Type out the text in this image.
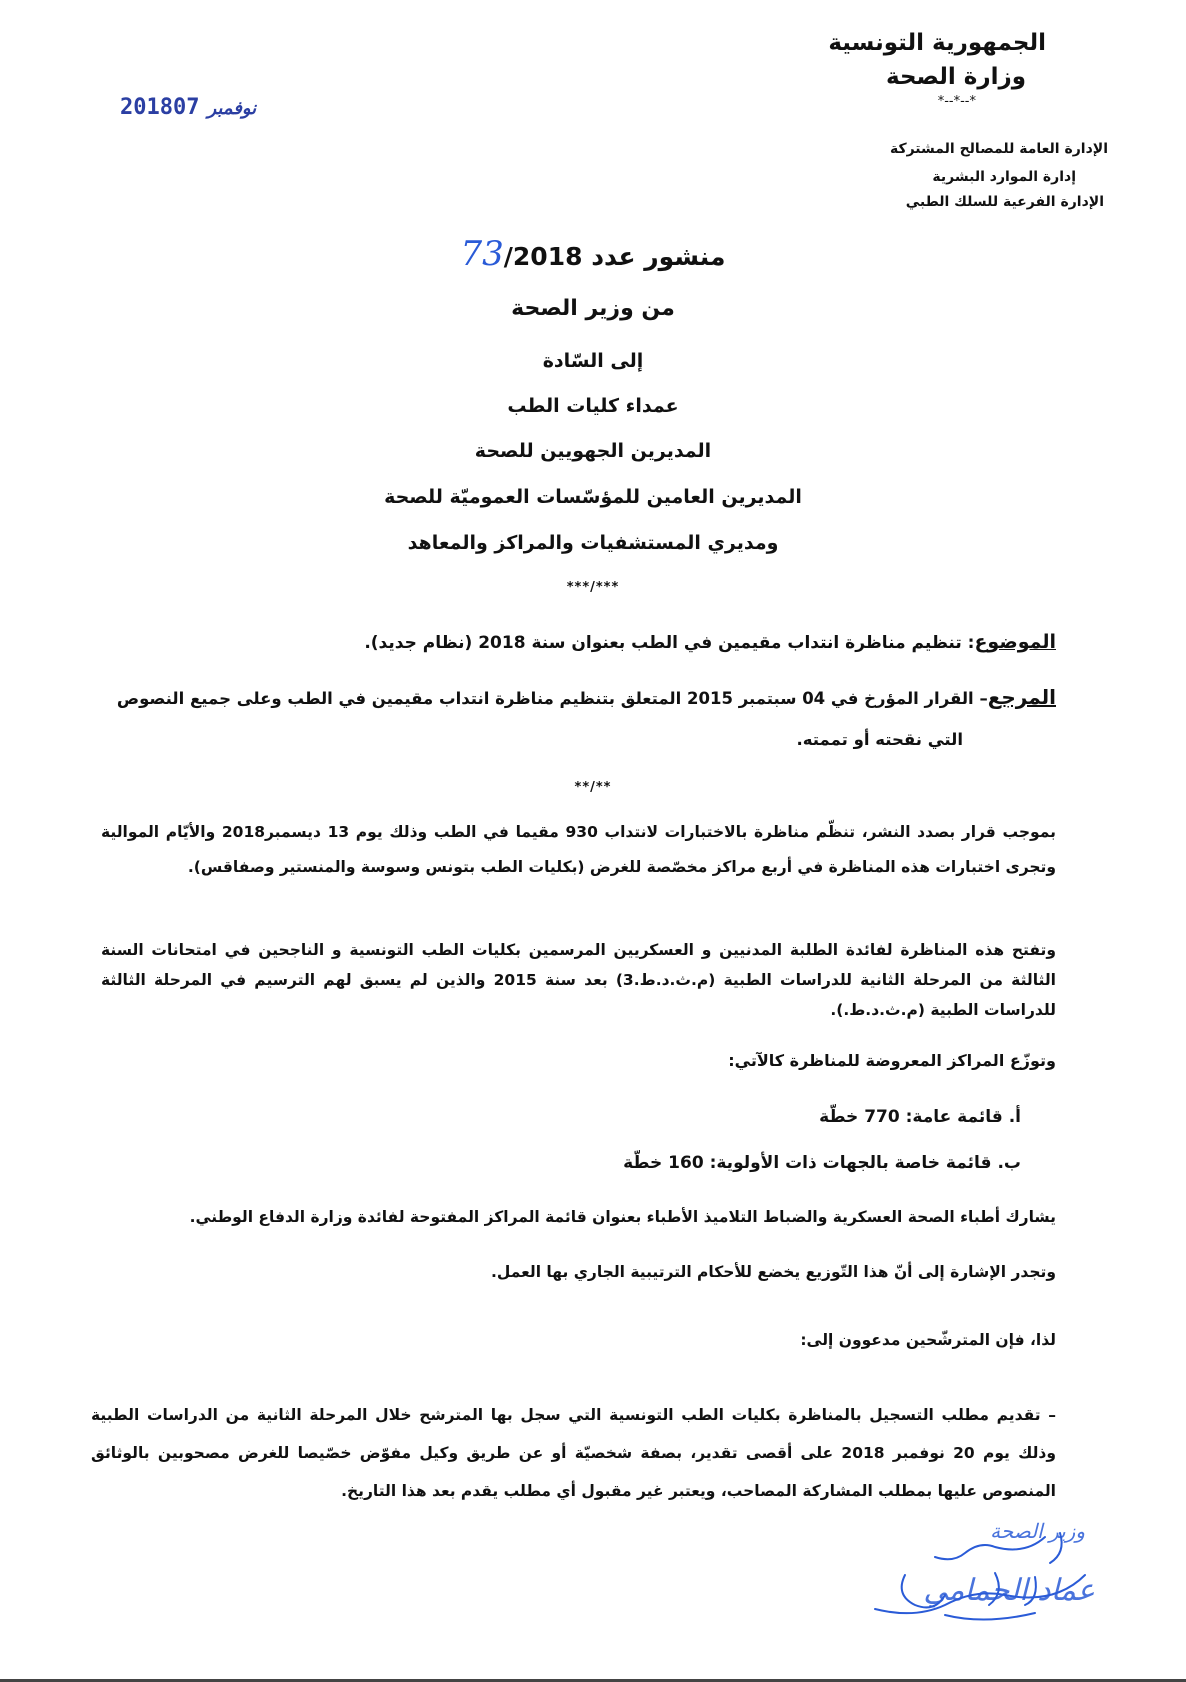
الجمهورية التونسية
وزارة الصحة
*--*--*
الإدارة العامة للمصالح المشتركة
إدارة الموارد البشرية
الإدارة الفرعية للسلك الطبي
2018 نوفمبر07
منشور عدد 73/2018
من وزير الصحة
إلى السّادة
عمداء كليات الطب
المديرين الجهويين للصحة
المديرين العامين للمؤسّسات العموميّة للصحة
ومديري المستشفيات والمراكز والمعاهد
***/***
الموضوع: تنظيم مناظرة انتداب مقيمين في الطب بعنوان سنة 2018 (نظام جديد).
المرجع– القرار المؤرخ في 04 سبتمبر 2015 المتعلق بتنظيم مناظرة انتداب مقيمين في الطب وعلى جميع النصوص
التي نقحته أو تممته.
**/**
بموجب قرار بصدد النشر، تنظّم مناظرة بالاختبارات لانتداب 930 مقيما في الطب وذلك يوم 13 ديسمبر2018 والأيّام الموالية وتجرى اختبارات هذه المناظرة في أربع مراكز مخصّصة للغرض (بكليات الطب بتونس وسوسة والمنستير وصفاقس).
وتفتح هذه المناظرة لفائدة الطلبة المدنيين و العسكريين المرسمين بكليات الطب التونسية و الناجحين في امتحانات السنة الثالثة من المرحلة الثانية للدراسات الطبية (م.ث.د.ط.3) بعد سنة 2015 والذين لم يسبق لهم الترسيم في المرحلة الثالثة للدراسات الطبية (م.ث.د.ط.).
وتوزّع المراكز المعروضة للمناظرة كالآتي:
أ. قائمة عامة: 770 خطّة
ب. قائمة خاصة بالجهات ذات الأولوية: 160 خطّة
يشارك أطباء الصحة العسكرية والضباط التلاميذ الأطباء بعنوان قائمة المراكز المفتوحة لفائدة وزارة الدفاع الوطني.
وتجدر الإشارة إلى أنّ هذا التّوزيع يخضع للأحكام الترتيبية الجاري بها العمل.
لذا، فإن المترشّحين مدعوون إلى:
– تقديم مطلب التسجيل بالمناظرة بكليات الطب التونسية التي سجل بها المترشح خلال المرحلة الثانية من الدراسات الطبية وذلك يوم 20 نوفمبر 2018 على أقصى تقدير، بصفة شخصيّة أو عن طريق وكيل مفوّض خصّيصا للغرض مصحوبين بالوثائق المنصوص عليها بمطلب المشاركة المصاحب، ويعتبر غير مقبول أي مطلب يقدم بعد هذا التاريخ.
وزير الصحة
عماد الحمامي
